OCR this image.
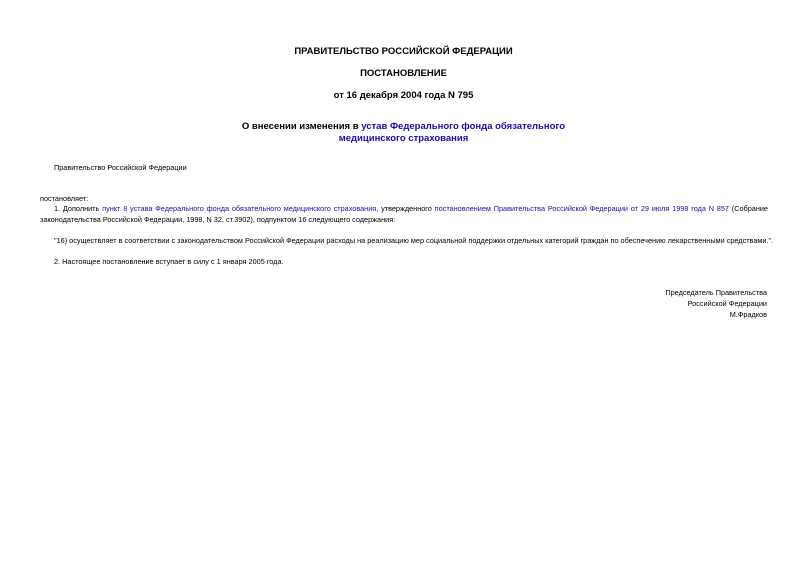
ПРАВИТЕЛЬСТВО РОССИЙСКОЙ ФЕДЕРАЦИИ
ПОСТАНОВЛЕНИЕ
от 16 декабря 2004 года N 795
О внесении изменения в устав Федерального фонда обязательного
медицинского страхования
Правительство Российской Федерации
постановляет:
1. Дополнить пункт 8 устава Федерального фонда обязательного медицинского страхования, утвержденного постановлением Правительства Российской Федерации от 29 июля 1998 года N 857 (Собрание законодательства Российской Федерации, 1998, N 32, ст.3902), подпунктом 16 следующего содержания:
"16) осуществляет в соответствии с законодательством Российской Федерации расходы на реализацию мер социальной поддержки отдельных категорий граждан по обеспечению лекарственными средствами.".
2. Настоящее постановление вступает в силу с 1 января 2005 года.
Председатель Правительства
Российской Федерации
М.Фрадков
